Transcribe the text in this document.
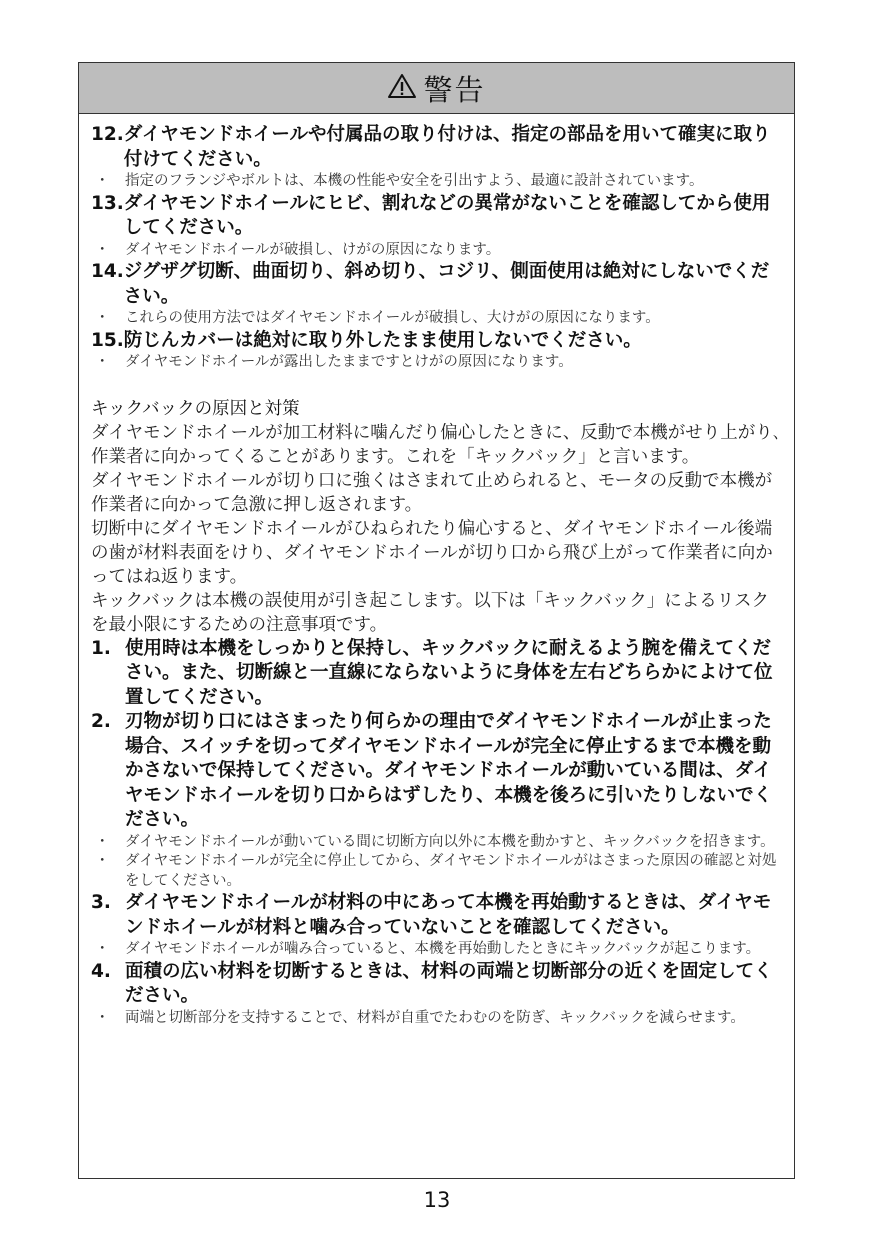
警告
12. ダイヤモンドホイールや付属品の取り付けは、指定の部品を用いて確実に取り付けてください。
・	指定のフランジやボルトは、本機の性能や安全を引出すよう、最適に設計されています。
13. ダイヤモンドホイールにヒビ、割れなどの異常がないことを確認してから使用してください。
・	ダイヤモンドホイールが破損し、けがの原因になります。
14. ジグザグ切断、曲面切り、斜め切り、コジリ、側面使用は絶対にしないでください。
・	これらの使用方法ではダイヤモンドホイールが破損し、大けがの原因になります。
15. 防じんカバーは絶対に取り外したまま使用しないでください。
・	ダイヤモンドホイールが露出したままですとけがの原因になります。
キックバックの原因と対策

ダイヤモンドホイールが加工材料に噛んだり偏心したときに、反動で本機がせり上がり､作業者に向かってくることがあります。これを「キックバック」と言います。

ダイヤモンドホイールが切り口に強くはさまれて止められると、モータの反動で本機が作業者に向かって急激に押し返されます。

切断中にダイヤモンドホイールがひねられたり偏心すると、ダイヤモンドホイール後端の歯が材料表面をけり、ダイヤモンドホイールが切り口から飛び上がって作業者に向かってはね返ります。

キックバックは本機の誤使用が引き起こします。以下は「キックバック」によるリスクを最小限にするための注意事項です。

1. 使用時は本機をしっかりと保持し、キックバックに耐えるよう腕を備えてください。また、切断線と一直線にならないように身体を左右どちらかによけて位置してください。
2. 刃物が切り口にはさまったり何らかの理由でダイヤモンドホイールが止まった場合、スイッチを切ってダイヤモンドホイールが完全に停止するまで本機を動かさないで保持してください。ダイヤモンドホイールが動いている間は、ダイヤモンドホイールを切り口からはずしたり、本機を後ろに引いたりしないでください。
・	ダイヤモンドホイールが動いている間に切断方向以外に本機を動かすと、キックバックを招きます。
・	ダイヤモンドホイールが完全に停止してから、ダイヤモンドホイールがはさまった原因の確認と対処をしてください。
3. ダイヤモンドホイールが材料の中にあって本機を再始動するときは、ダイヤモンドホイールが材料と噛み合っていないことを確認してください。
・	ダイヤモンドホイールが噛み合っていると、本機を再始動したときにキックバックが起こります。
4. 面積の広い材料を切断するときは、材料の両端と切断部分の近くを固定してください。
・	両端と切断部分を支持することで、材料が自重でたわむのを防ぎ、キックバックを減らせます。
13
